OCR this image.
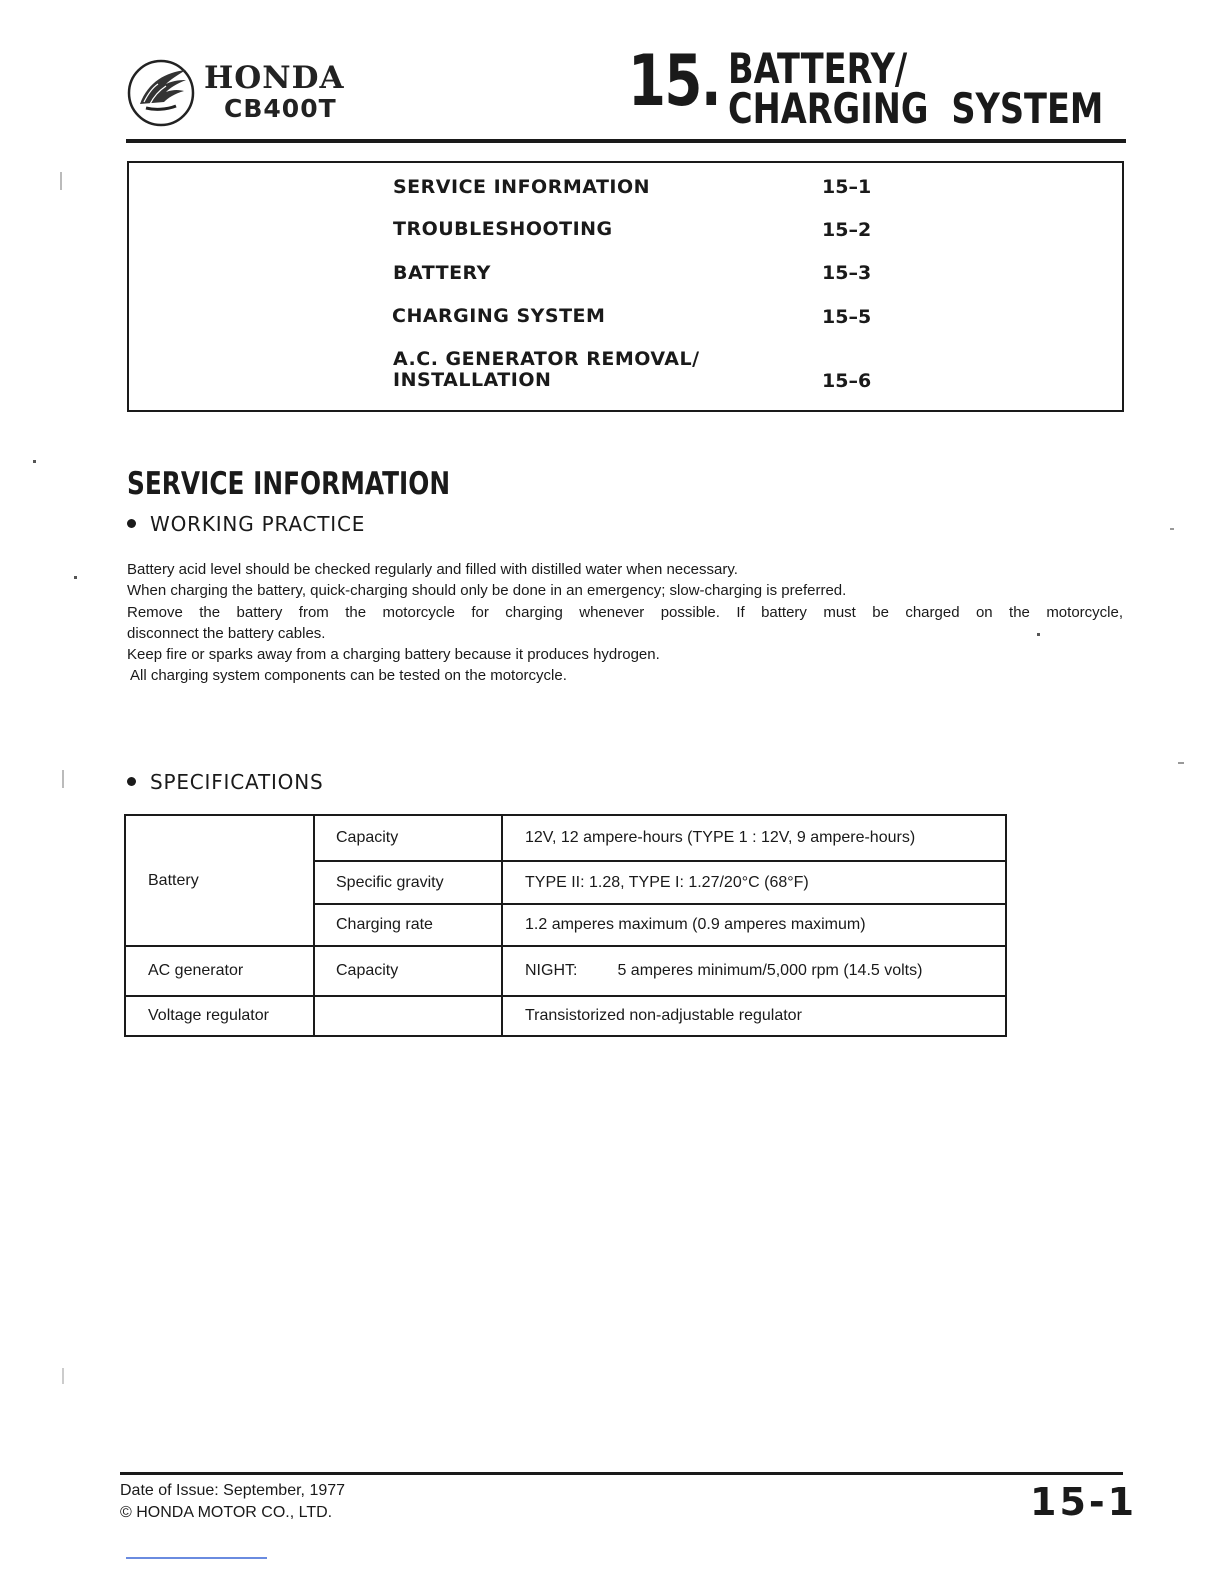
HONDA
CB400T	15. BATTERY/
CHARGING SYSTEM
SERVICE INFORMATION	15–1
TROUBLESHOOTING	15–2
BATTERY	15–3
CHARGING SYSTEM	15–5
A.C. GENERATOR REMOVAL/
INSTALLATION	15–6
SERVICE INFORMATION
WORKING PRACTICE

Battery acid level should be checked regularly and filled with distilled water when necessary.

When charging the battery, quick-charging should only be done in an emergency; slow-charging is preferred.

Remove the battery from the motorcycle for charging whenever possible. If battery must be charged on the motorcycle,

disconnect the battery cables.

Keep fire or sparks away from a charging battery because it produces hydrogen.

All charging system components can be tested on the motorcycle.

SPECIFICATIONS
Battery	Capacity	12V, 12 ampere-hours (TYPE 1 : 12V, 9 ampere-hours)
	Specific gravity	TYPE II: 1.28, TYPE I: 1.27/20°C (68°F)
	Charging rate	1.2 amperes maximum (0.9 amperes maximum)
AC generator	Capacity	NIGHT: 5 amperes minimum/5,000 rpm (14.5 volts)
Voltage regulator		Transistorized non-adjustable regulator
Date of Issue: September, 1977
© HONDA MOTOR CO., LTD.	15-1
